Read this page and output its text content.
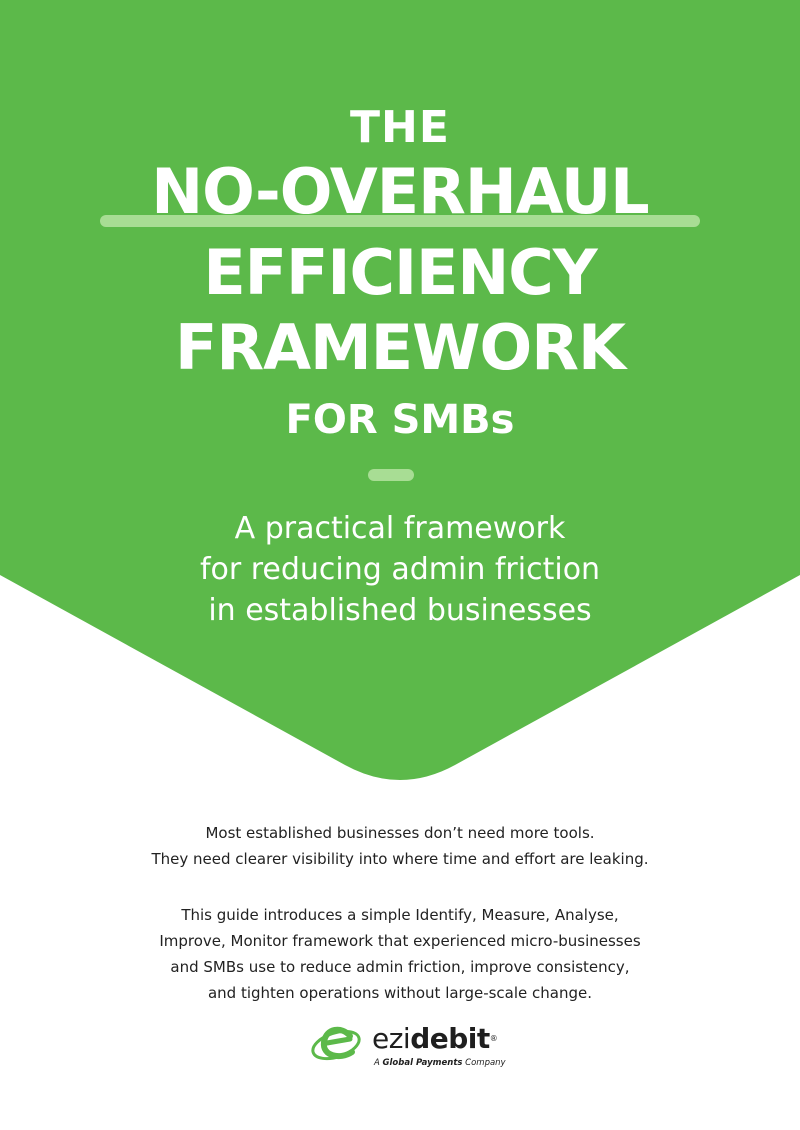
THE
NO-OVERHAUL
EFFICIENCY
FRAMEWORK
FOR SMBs
A practical framework
for reducing admin friction
in established businesses

Most established businesses don’t need more tools.
They need clearer visibility into where time and effort are leaking.

This guide introduces a simple Identify, Measure, Analyse,
Improve, Monitor framework that experienced micro-businesses
and SMBs use to reduce admin friction, improve consistency,
and tighten operations without large-scale change.

ezidebit®
A Global Payments Company
